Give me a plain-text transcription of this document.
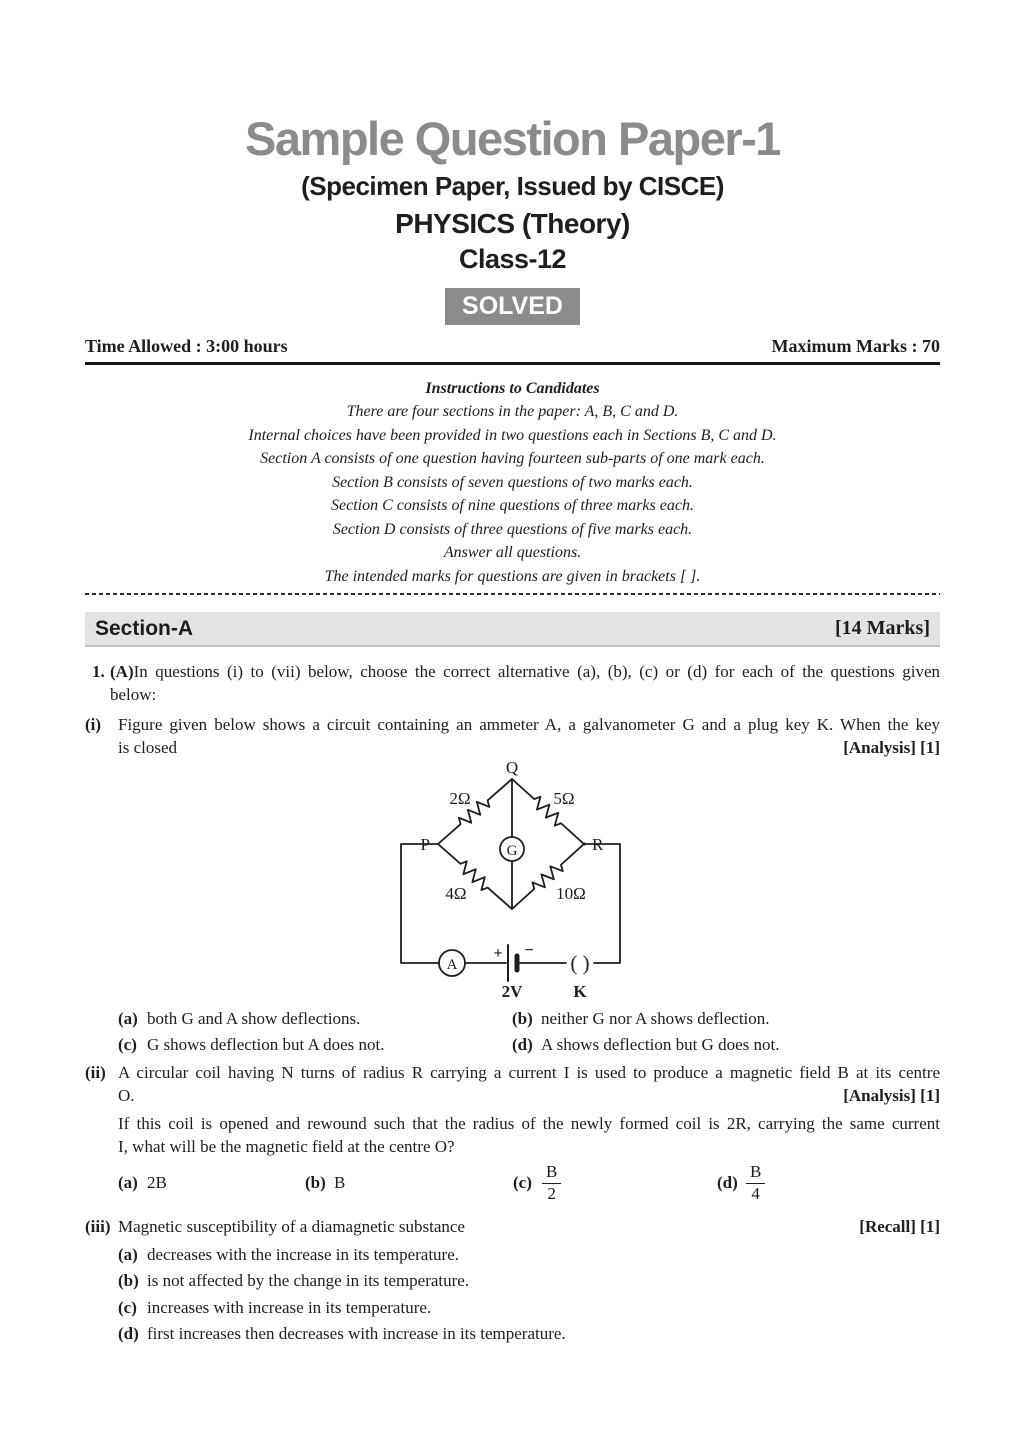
Sample Question Paper-1
(Specimen Paper, Issued by CISCE)
PHYSICS (Theory)
Class-12
SOLVED
Time Allowed : 3:00 hours	Maximum Marks : 70
Instructions to Candidates
There are four sections in the paper: A, B, C and D.
Internal choices have been provided in two questions each in Sections B, C and D.
Section A consists of one question having fourteen sub-parts of one mark each.
Section B consists of seven questions of two marks each.
Section C consists of nine questions of three marks each.
Section D consists of three questions of five marks each.
Answer all questions.
The intended marks for questions are given in brackets [ ].
Section-A	[14 Marks]
1. (A)In questions (i) to (vii) below, choose the correct alternative (a), (b), (c) or (d) for each of the questions given
below:
(i) Figure given below shows a circuit containing an ammeter A, a galvanometer G and a plug key K. When the key
is closed	[Analysis] [1]
Q
P	R
2Ω	5Ω
4Ω	10Ω
G
A
+ −
2V
( )
K
(a) both G and A show deflections.	(b) neither G nor A shows deflection.
(c) G shows deflection but A does not.	(d) A shows deflection but G does not.
(ii) A circular coil having N turns of radius R carrying a current I is used to produce a magnetic field B at its centre
O.	[Analysis] [1]
If this coil is opened and rewound such that the radius of the newly formed coil is 2R, carrying the same current
I, what will be the magnetic field at the centre O?
(a) 2B	(b) B	$(c) \frac{B}{2}$	$(d) \frac{B}{4}$
(iii) Magnetic susceptibility of a diamagnetic substance	[Recall] [1]
(a) decreases with the increase in its temperature.
(b) is not affected by the change in its temperature.
(c) increases with increase in its temperature.
(d) first increases then decreases with increase in its temperature.
